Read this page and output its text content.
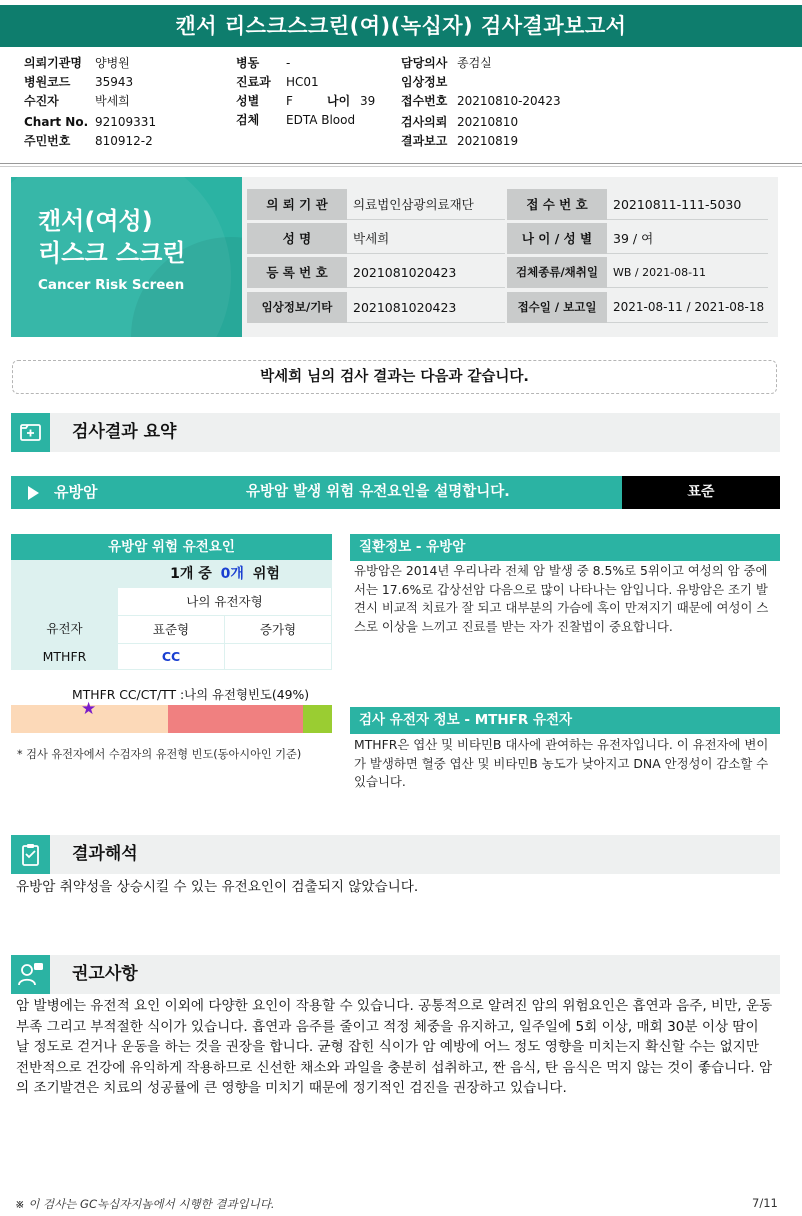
캔서 리스크스크린(여)(녹십자) 검사결과보고서
의뢰기관명 양병원
병원코드 35943
수진자	박세희
Chart No. 92109331
주민번호 810912-2
병동 -
진료과 HC01
성별 F	나이 39
검체 EDTA Blood
담당의사 종검실
임상정보
접수번호 20210810-20423
검사의뢰 20210810
결과보고 20210819
캔서(여성)
리스크 스크린
Cancer Risk Screen
의 뢰 기 관	의료법인삼광의료재단	접 수 번 호	20210811-111-5030
성 명	박세희	나 이 / 성 별	39 / 여
등 록 번 호	2021081020423	검체종류/채취일	WB / 2021-08-11
임상정보/기타	2021081020423	접수일 / 보고일	2021-08-11 / 2021-08-18
박세희 님의 검사 결과는 다음과 같습니다.
검사결과 요약
유방암	유방암 발생 위험 유전요인을 설명합니다.	표준
유방암 위험 유전요인
1개 중 0개 위험
나의 유전자형
유전자	표준형	증가형
MTHFR	CC
MTHFR CC/CT/TT :나의 유전형빈도(49%)
★
* 검사 유전자에서 수검자의 유전형 빈도(동아시아인 기준)
질환정보 - 유방암
유방암은 2014년 우리나라 전체 암 발생 중 8.5%로 5위이고 여성의 암 중에서는 17.6%로 갑상선암 다음으로 많이 나타나는 암입니다. 유방암은 조기 발견시 비교적 치료가 잘 되고 대부분의 가슴에 혹이 만져지기 때문에 여성이 스스로 이상을 느끼고 진료를 받는 자가 진찰법이 중요합니다.
검사 유전자 정보 - MTHFR 유전자
MTHFR은 엽산 및 비타민B 대사에 관여하는 유전자입니다. 이 유전자에 변이가 발생하면 혈중 엽산 및 비타민B 농도가 낮아지고 DNA 안정성이 감소할 수 있습니다.
결과해석
유방암 취약성을 상승시킬 수 있는 유전요인이 검출되지 않았습니다.
권고사항
암 발병에는 유전적 요인 이외에 다양한 요인이 작용할 수 있습니다. 공통적으로 알려진 암의 위험요인은 흡연과 음주, 비만, 운동 부족 그리고 부적절한 식이가 있습니다. 흡연과 음주를 줄이고 적정 체중을 유지하고, 일주일에 5회 이상, 매회 30분 이상 땀이 날 정도로 걷거나 운동을 하는 것을 권장을 합니다. 균형 잡힌 식이가 암 예방에 어느 정도 영향을 미치는지 확신할 수는 없지만 전반적으로 건강에 유익하게 작용하므로 신선한 채소와 과일을 충분히 섭취하고, 짠 음식, 탄 음식은 먹지 않는 것이 좋습니다. 암의 조기발견은 치료의 성공률에 큰 영향을 미치기 때문에 정기적인 검진을 권장하고 있습니다.
※ 이 검사는 GC녹십자지놈에서 시행한 결과입니다.	7/11
